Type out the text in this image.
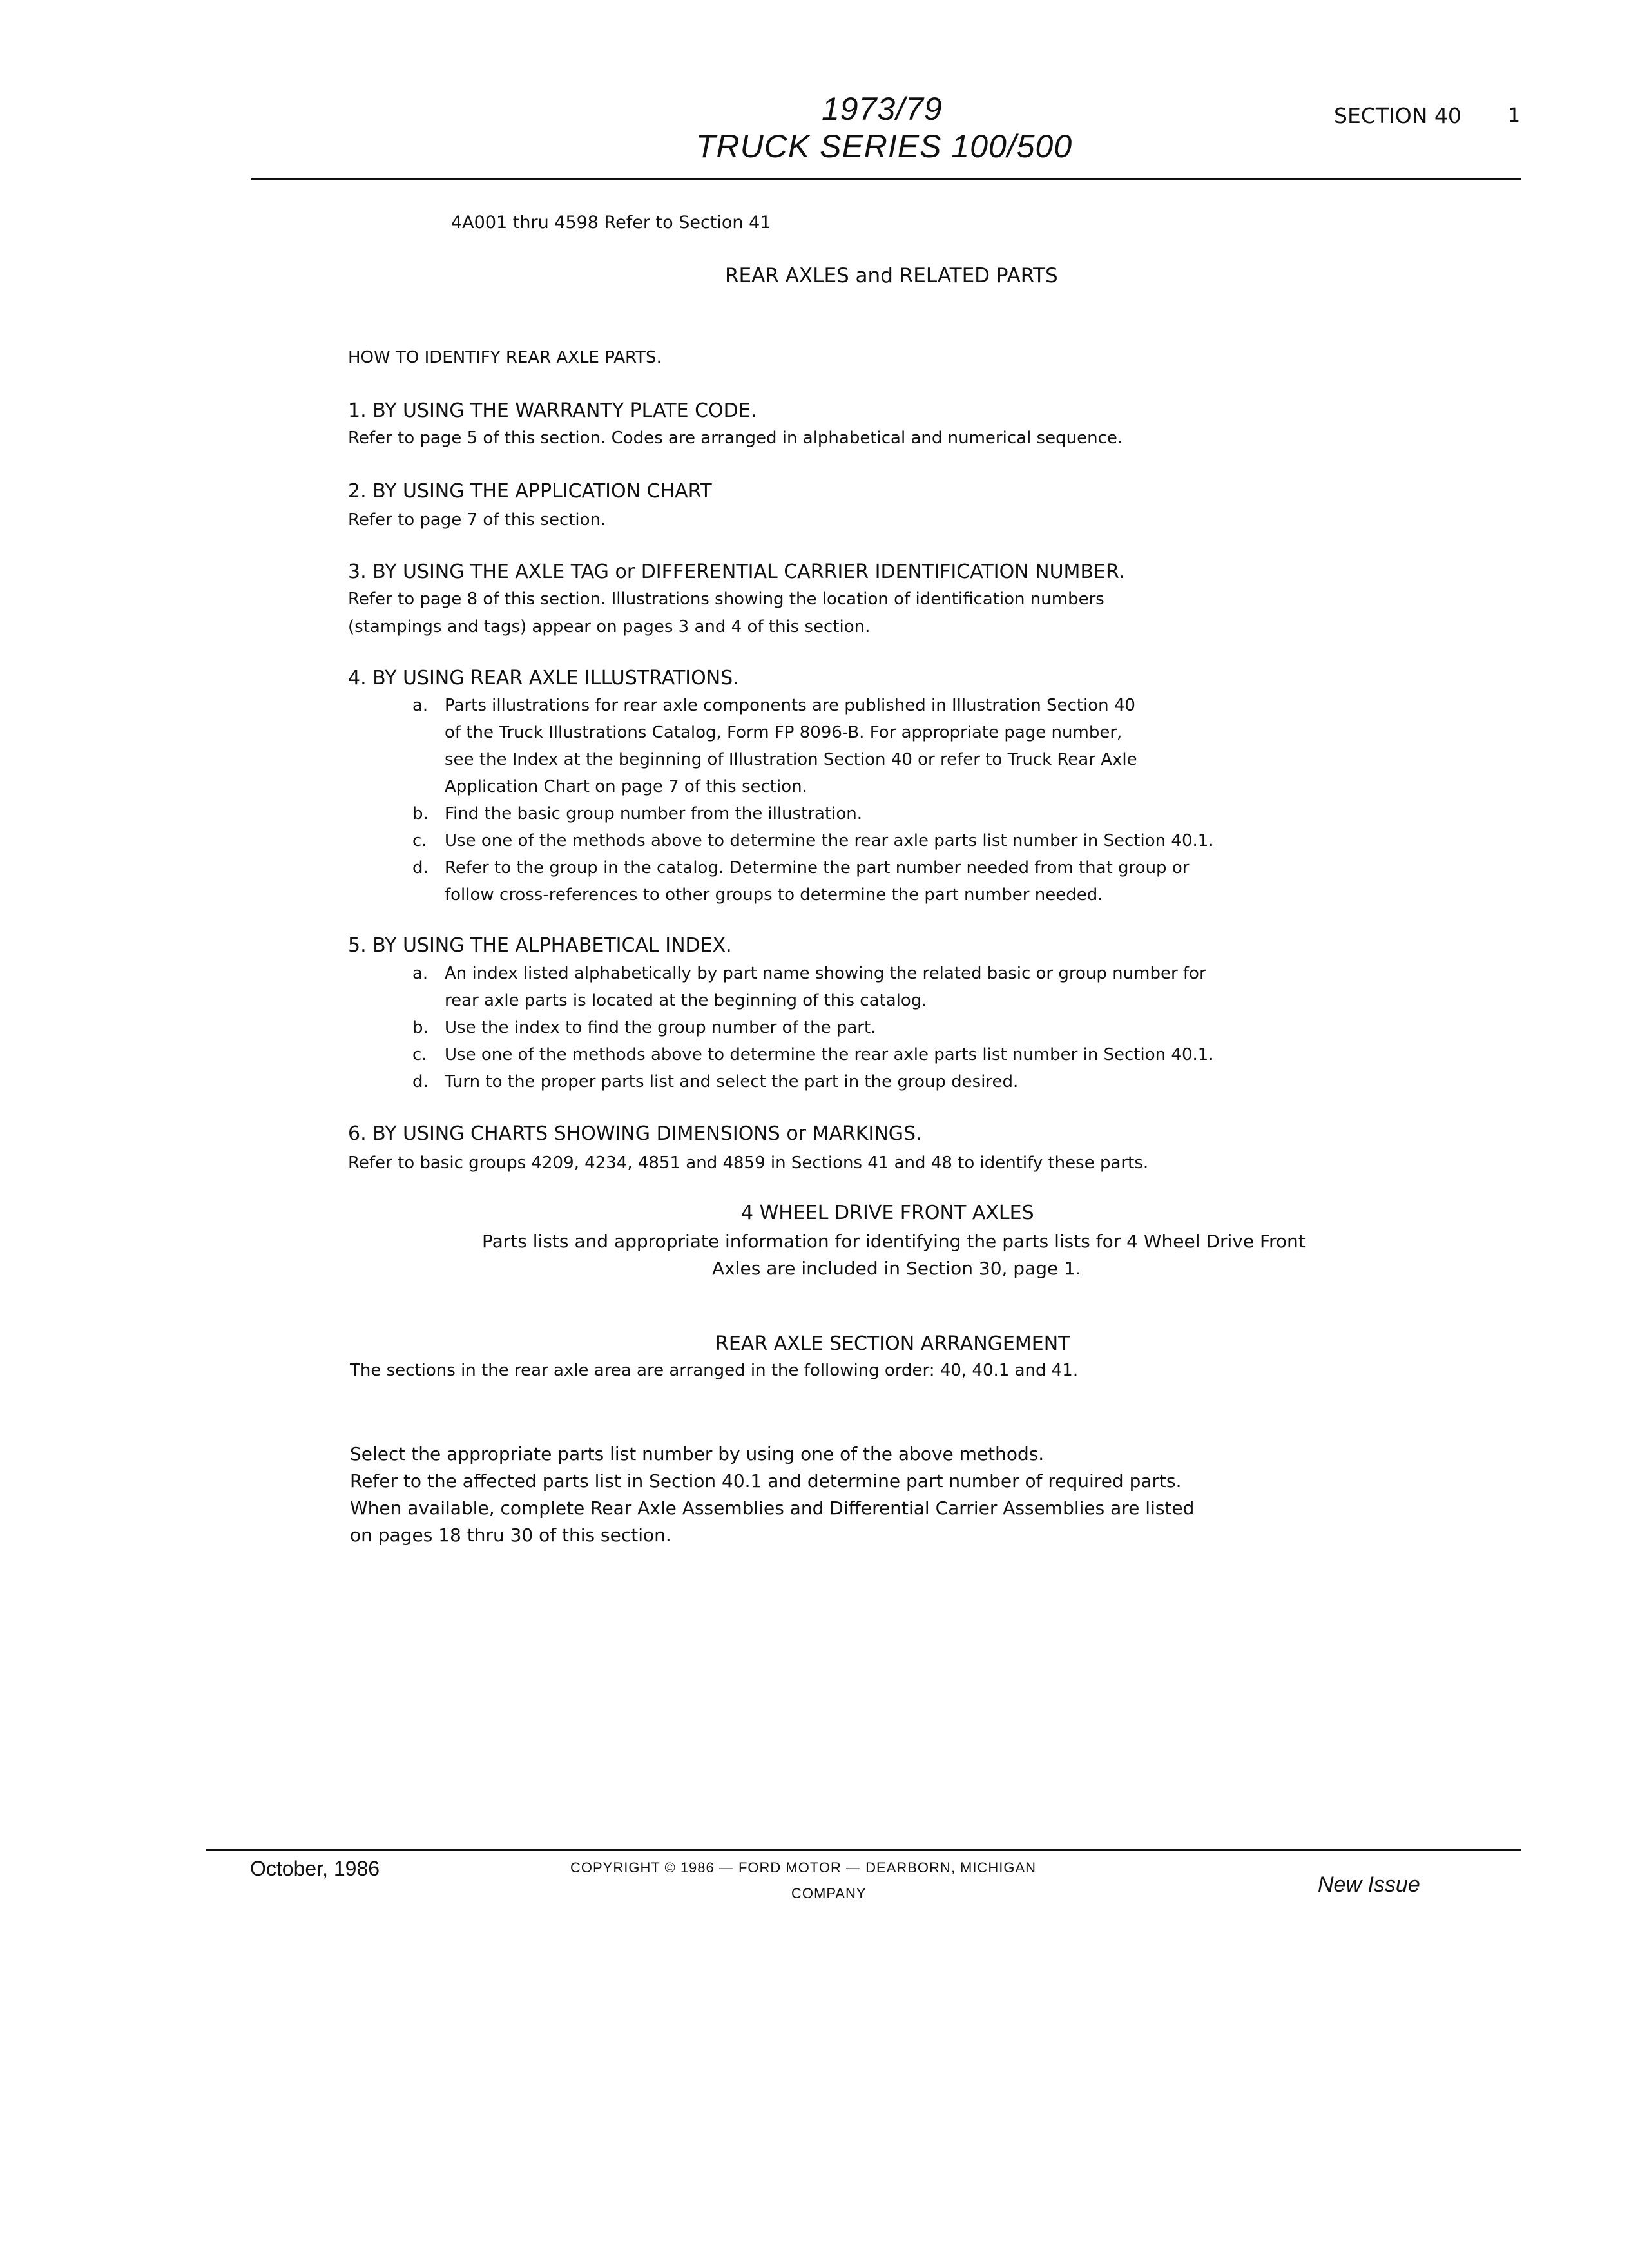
1973/79
TRUCK SERIES 100/500
SECTION 40 1
4A001 thru 4598 Refer to Section 41
REAR AXLES and RELATED PARTS
HOW TO IDENTIFY REAR AXLE PARTS.
1. BY USING THE WARRANTY PLATE CODE.
Refer to page 5 of this section. Codes are arranged in alphabetical and numerical sequence.
2. BY USING THE APPLICATION CHART
Refer to page 7 of this section.
3. BY USING THE AXLE TAG or DIFFERENTIAL CARRIER IDENTIFICATION NUMBER.
Refer to page 8 of this section. Illustrations showing the location of identification numbers
(stampings and tags) appear on pages 3 and 4 of this section.
4. BY USING REAR AXLE ILLUSTRATIONS.
a. Parts illustrations for rear axle components are published in Illustration Section 40
of the Truck Illustrations Catalog, Form FP 8096-B. For appropriate page number,
see the Index at the beginning of Illustration Section 40 or refer to Truck Rear Axle
Application Chart on page 7 of this section.
b. Find the basic group number from the illustration.
c. Use one of the methods above to determine the rear axle parts list number in Section 40.1.
d. Refer to the group in the catalog. Determine the part number needed from that group or
follow cross-references to other groups to determine the part number needed.
5. BY USING THE ALPHABETICAL INDEX.
a. An index listed alphabetically by part name showing the related basic or group number for
rear axle parts is located at the beginning of this catalog.
b. Use the index to find the group number of the part.
c. Use one of the methods above to determine the rear axle parts list number in Section 40.1.
d. Turn to the proper parts list and select the part in the group desired.
6. BY USING CHARTS SHOWING DIMENSIONS or MARKINGS.
Refer to basic groups 4209, 4234, 4851 and 4859 in Sections 41 and 48 to identify these parts.
4 WHEEL DRIVE FRONT AXLES
Parts lists and appropriate information for identifying the parts lists for 4 Wheel Drive Front
Axles are included in Section 30, page 1.
REAR AXLE SECTION ARRANGEMENT
The sections in the rear axle area are arranged in the following order: 40, 40.1 and 41.
Select the appropriate parts list number by using one of the above methods.
Refer to the affected parts list in Section 40.1 and determine part number of required parts.
When available, complete Rear Axle Assemblies and Differential Carrier Assemblies are listed
on pages 18 thru 30 of this section.
October, 1986	COPYRIGHT © 1986 — FORD MOTOR — DEARBORN, MICHIGAN
COMPANY	New Issue
